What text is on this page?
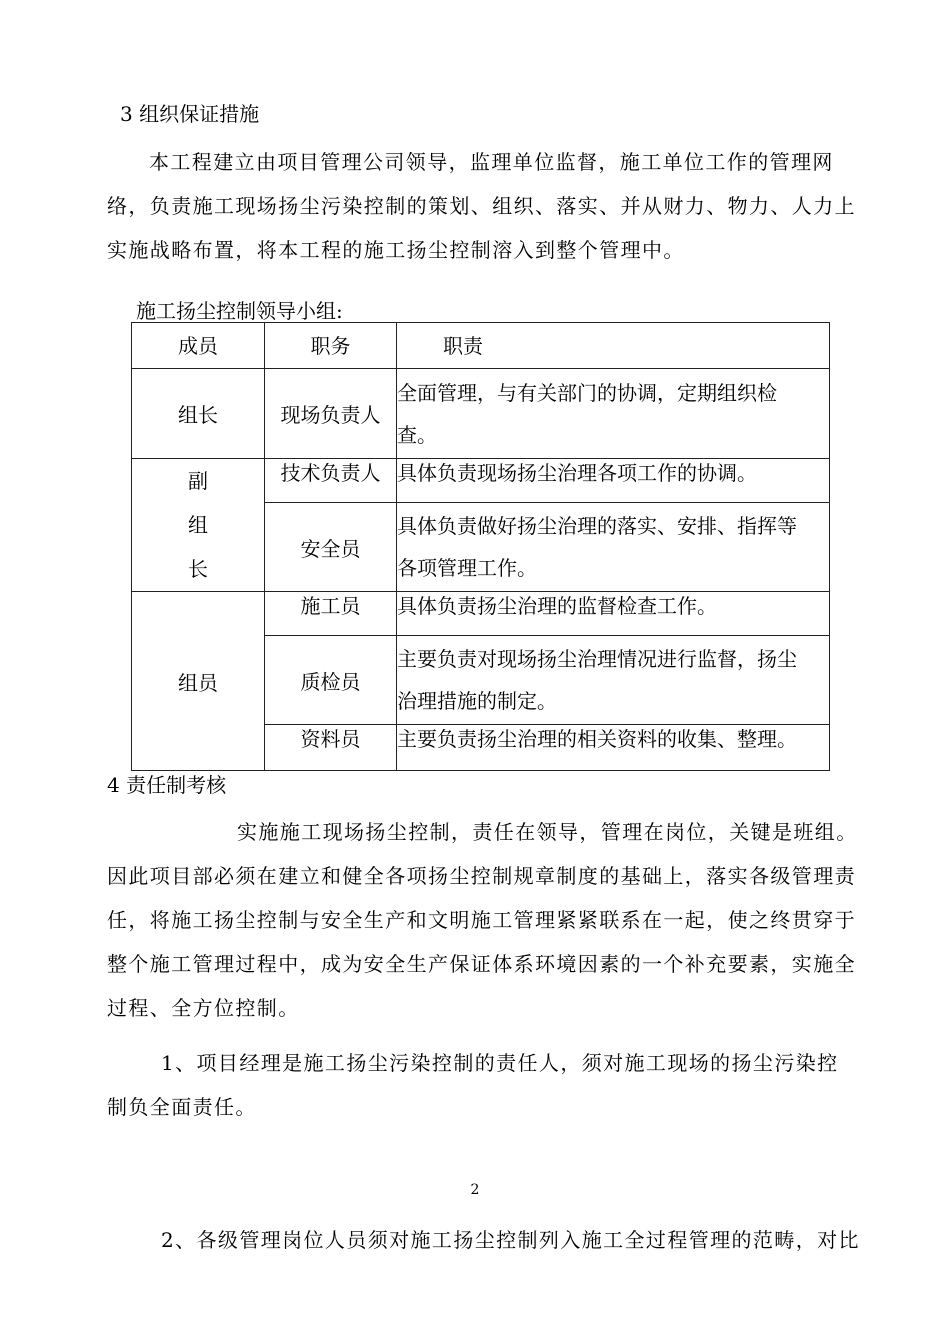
3 组织保证措施

本工程建立由项目管理公司领导，监理单位监督，施工单位工作的管理网

络，负责施工现场扬尘污染控制的策划、组织、落实、并从财力、物力、人力上

实施战略布置，将本工程的施工扬尘控制溶入到整个管理中。

施工扬尘控制领导小组:
成员	职务	职责
组长	现场负责人	全面管理，与有关部门的协调，定期组织检
查。

副
组
长	技术负责人	具体负责现场扬尘治理各项工作的协调。

	安全员	具体负责做好扬尘治理的落实、安排、指挥等
各项管理工作。

组员	施工员	具体负责扬尘治理的监督检查工作。

	质检员	主要负责对现场扬尘治理情况进行监督，扬尘
治理措施的制定。

	资料员	主要负责扬尘治理的相关资料的收集、整理。
4 责任制考核

实施施工现场扬尘控制，责任在领导，管理在岗位，关键是班组。

因此项目部必须在建立和健全各项扬尘控制规章制度的基础上，落实各级管理责

任，将施工扬尘控制与安全生产和文明施工管理紧紧联系在一起，使之终贯穿于

整个施工管理过程中，成为安全生产保证体系环境因素的一个补充要素，实施全

过程、全方位控制。

1、项目经理是施工扬尘污染控制的责任人，须对施工现场的扬尘污染控

制负全面责任。

2

2、各级管理岗位人员须对施工扬尘控制列入施工全过程管理的范畴，对比
